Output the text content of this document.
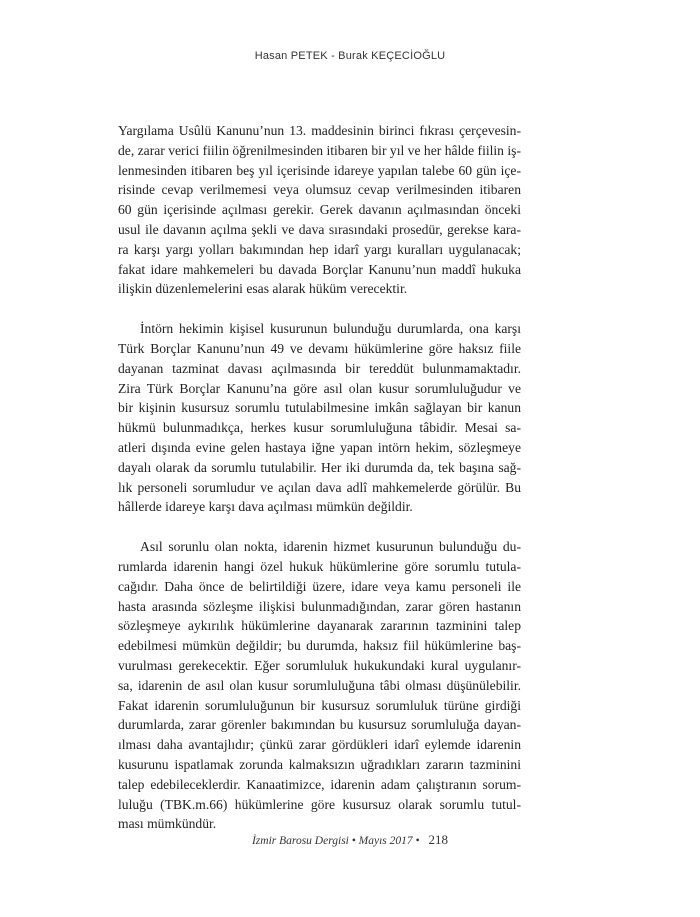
Hasan PETEK - Burak KEÇECİOĞLU
Yargılama Usûlü Kanunu’nun 13. maddesinin birinci fıkrası çerçevesin-
de, zarar verici fiilin öğrenilmesinden itibaren bir yıl ve her hâlde fiilin iş-
lenmesinden itibaren beş yıl içerisinde idareye yapılan talebe 60 gün içe-
risinde cevap verilmemesi veya olumsuz cevap verilmesinden itibaren
60 gün içerisinde açılması gerekir. Gerek davanın açılmasından önceki
usul ile davanın açılma şekli ve dava sırasındaki prosedür, gerekse kara-
ra karşı yargı yolları bakımından hep idarî yargı kuralları uygulanacak;
fakat idare mahkemeleri bu davada Borçlar Kanunu’nun maddî hukuka
ilişkin düzenlemelerini esas alarak hüküm verecektir.
İntörn hekimin kişisel kusurunun bulunduğu durumlarda, ona karşı
Türk Borçlar Kanunu’nun 49 ve devamı hükümlerine göre haksız fiile
dayanan tazminat davası açılmasında bir tereddüt bulunmamaktadır.
Zira Türk Borçlar Kanunu’na göre asıl olan kusur sorumluluğudur ve
bir kişinin kusursuz sorumlu tutulabilmesine imkân sağlayan bir kanun
hükmü bulunmadıkça, herkes kusur sorumluluğuna tâbidir. Mesai sa-
atleri dışında evine gelen hastaya iğne yapan intörn hekim, sözleşmeye
dayalı olarak da sorumlu tutulabilir. Her iki durumda da, tek başına sağ-
lık personeli sorumludur ve açılan dava adlî mahkemelerde görülür. Bu
hâllerde idareye karşı dava açılması mümkün değildir.
Asıl sorunlu olan nokta, idarenin hizmet kusurunun bulunduğu du-
rumlarda idarenin hangi özel hukuk hükümlerine göre sorumlu tutula-
cağıdır. Daha önce de belirtildiği üzere, idare veya kamu personeli ile
hasta arasında sözleşme ilişkisi bulunmadığından, zarar gören hastanın
sözleşmeye aykırılık hükümlerine dayanarak zararının tazminini talep
edebilmesi mümkün değildir; bu durumda, haksız fiil hükümlerine baş-
vurulması gerekecektir. Eğer sorumluluk hukukundaki kural uygulanır-
sa, idarenin de asıl olan kusur sorumluluğuna tâbi olması düşünülebilir.
Fakat idarenin sorumluluğunun bir kusursuz sorumluluk türüne girdiği
durumlarda, zarar görenler bakımından bu kusursuz sorumluluğa dayan-
ılması daha avantajlıdır; çünkü zarar gördükleri idarî eylemde idarenin
kusurunu ispatlamak zorunda kalmaksızın uğradıkları zararın tazminini
talep edebileceklerdir. Kanaatimizce, idarenin adam çalıştıranın sorum-
luluğu (TBK.m.66) hükümlerine göre kusursuz olarak sorumlu tutul-
ması mümkündür.
İzmir Barosu Dergisi • Mayıs 2017 • 218
